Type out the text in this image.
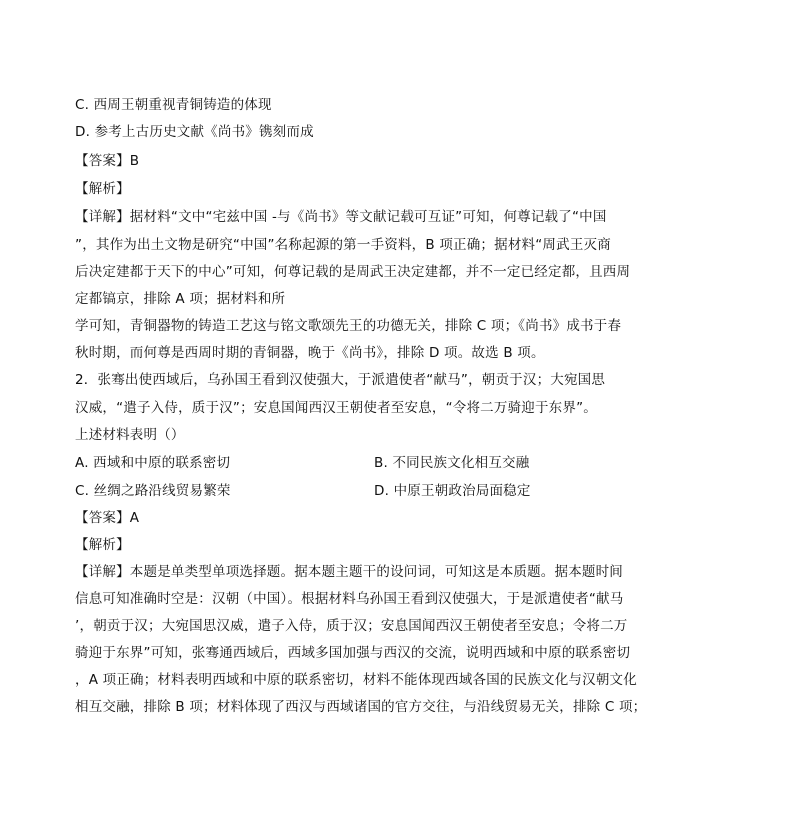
C. 西周王朝重视青铜铸造的体现
D. 参考上古历史文献《尚书》镌刻而成
【答案】B
【解析】
【详解】据材料“文中“宅兹中国 -与《尚书》等文献记载可互证”可知，何尊记载了“中国
”，其作为出土文物是研究“中国”名称起源的第一手资料，B 项正确；据材料“周武王灭商
后决定建都于天下的中心”可知，何尊记载的是周武王决定建都，并不一定已经定都，且西周
定都镐京，排除 A 项；据材料和所
学可知，青铜器物的铸造工艺这与铭文歌颂先王的功德无关，排除 C 项；《尚书》成书于春
秋时期，而何尊是西周时期的青铜器，晚于《尚书》，排除 D 项。故选 B 项。
2．张骞出使西域后，乌孙国王看到汉使强大，于派遣使者“献马”，朝贡于汉；大宛国思
汉威，“遣子入侍，质于汉”；安息国闻西汉王朝使者至安息，“令将二万骑迎于东界”。
上述材料表明（）
A. 西域和中原的联系密切	B. 不同民族文化相互交融
C. 丝绸之路沿线贸易繁荣	D. 中原王朝政治局面稳定
【答案】A
【解析】
【详解】本题是单类型单项选择题。据本题主题干的设问词，可知这是本质题。据本题时间
信息可知准确时空是：汉朝（中国）。根据材料乌孙国王看到汉使强大，于是派遣使者“献马
’，朝贡于汉；大宛国思汉威，遣子入侍，质于汉；安息国闻西汉王朝使者至安息；令将二万
骑迎于东界”可知，张骞通西域后，西域多国加强与西汉的交流，说明西域和中原的联系密切
，A 项正确；材料表明西域和中原的联系密切，材料不能体现西域各国的民族文化与汉朝文化
相互交融，排除 B 项；材料体现了西汉与西域诸国的官方交往，与沿线贸易无关，排除 C 项；
